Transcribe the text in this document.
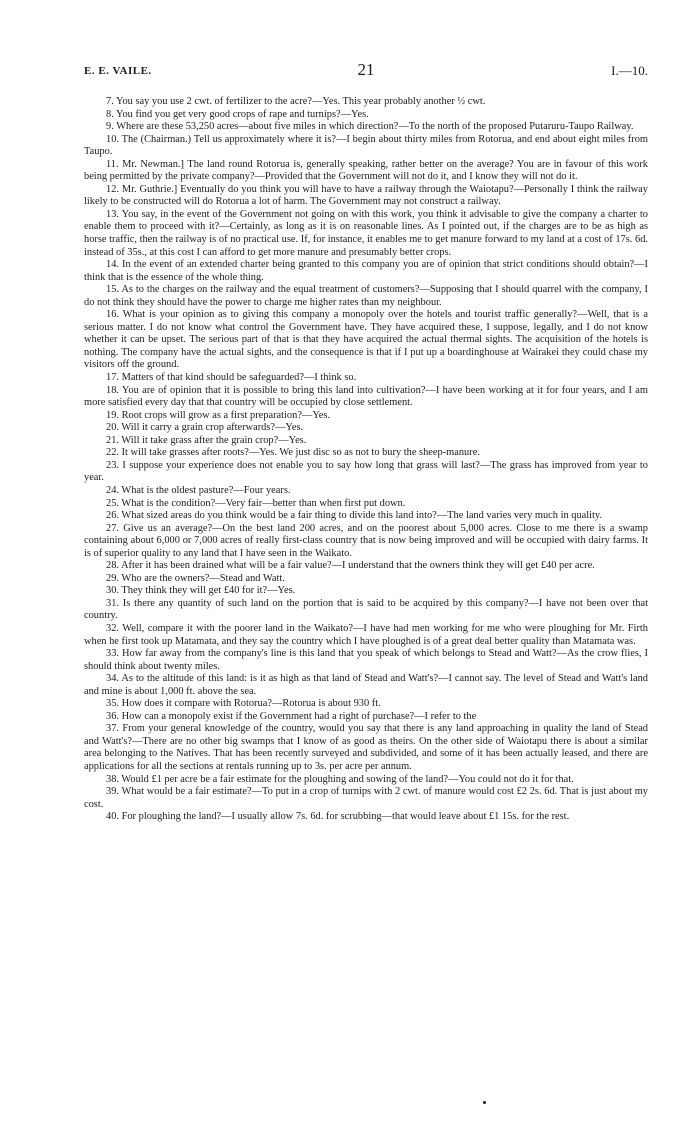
E. E. VAILE.	21	I.—10.

7. You say you use 2 cwt. of fertilizer to the acre?—Yes. This year probably another ½ cwt.

8. You find you get very good crops of rape and turnips?—Yes.

9. Where are these 53,250 acres—about five miles in which direction?—To the north of the proposed Putaruru-Taupo Railway.

10. The (Chairman.) Tell us approximately where it is?—I begin about thirty miles from Rotorua, and end about eight miles from Taupo.

11. Mr. Newman.] The land round Rotorua is, generally speaking, rather better on the average? You are in favour of this work being permitted by the private company?—Provided that the Government will not do it, and I know they will not do it.

12. Mr. Guthrie.] Eventually do you think you will have to have a railway through the Waiotapu?—Personally I think the railway likely to be constructed will do Rotorua a lot of harm. The Government may not construct a railway.

13. You say, in the event of the Government not going on with this work, you think it advisable to give the company a charter to enable them to proceed with it?—Certainly, as long as it is on reasonable lines. As I pointed out, if the charges are to be as high as horse traffic, then the railway is of no practical use. If, for instance, it enables me to get manure forward to my land at a cost of 17s. 6d. instead of 35s., at this cost I can afford to get more manure and presumably better crops.

14. In the event of an extended charter being granted to this company you are of opinion that strict conditions should obtain?—I think that is the essence of the whole thing.

15. As to the charges on the railway and the equal treatment of customers?—Supposing that I should quarrel with the company, I do not think they should have the power to charge me higher rates than my neighbour.

16. What is your opinion as to giving this company a monopoly over the hotels and tourist traffic generally?—Well, that is a serious matter. I do not know what control the Government have. They have acquired these, I suppose, legally, and I do not know whether it can be upset. The serious part of that is that they have acquired the actual thermal sights. The acquisition of the hotels is nothing. The company have the actual sights, and the consequence is that if I put up a boardinghouse at Wairakei they could chase my visitors off the ground.

17. Matters of that kind should be safeguarded?—I think so.

18. You are of opinion that it is possible to bring this land into cultivation?—I have been working at it for four years, and I am more satisfied every day that that country will be occupied by close settlement.

19. Root crops will grow as a first preparation?—Yes.

20. Will it carry a grain crop afterwards?—Yes.

21. Will it take grass after the grain crop?—Yes.

22. It will take grasses after roots?—Yes. We just disc so as not to bury the sheep-manure.

23. I suppose your experience does not enable you to say how long that grass will last?—The grass has improved from year to year.

24. What is the oldest pasture?—Four years.

25. What is the condition?—Very fair—better than when first put down.

26. What sized areas do you think would be a fair thing to divide this land into?—The land varies very much in quality.

27. Give us an average?—On the best land 200 acres, and on the poorest about 5,000 acres. Close to me there is a swamp containing about 6,000 or 7,000 acres of really first-class country that is now being improved and will be occupied with dairy farms. It is of superior quality to any land that I have seen in the Waikato.

28. After it has been drained what will be a fair value?—I understand that the owners think they will get £40 per acre.

29. Who are the owners?—Stead and Watt.

30. They think they will get £40 for it?—Yes.

31. Is there any quantity of such land on the portion that is said to be acquired by this company?—I have not been over that country.

32. Well, compare it with the poorer land in the Waikato?—I have had men working for me who were ploughing for Mr. Firth when he first took up Matamata, and they say the country which I have ploughed is of a great deal better quality than Matamata was.

33. How far away from the company's line is this land that you speak of which belongs to Stead and Watt?—As the crow flies, I should think about twenty miles.

34. As to the altitude of this land: is it as high as that land of Stead and Watt's?—I cannot say. The level of Stead and Watt's land and mine is about 1,000 ft. above the sea.

35. How does it compare with Rotorua?—Rotorua is about 930 ft.

36. How can a monopoly exist if the Government had a right of purchase?—I refer to the

37. From your general knowledge of the country, would you say that there is any land approaching in quality the land of Stead and Watt's?—There are no other big swamps that I know of as good as theirs. On the other side of Waiotapu there is about a similar area belonging to the Natives. That has been recently surveyed and subdivided, and some of it has been actually leased, and there are applications for all the sections at rentals running up to 3s. per acre per annum.

38. Would £1 per acre be a fair estimate for the ploughing and sowing of the land?—You could not do it for that.

39. What would be a fair estimate?—To put in a crop of turnips with 2 cwt. of manure would cost £2 2s. 6d. That is just about my cost.

40. For ploughing the land?—I usually allow 7s. 6d. for scrubbing—that would leave about £1 15s. for the rest.
